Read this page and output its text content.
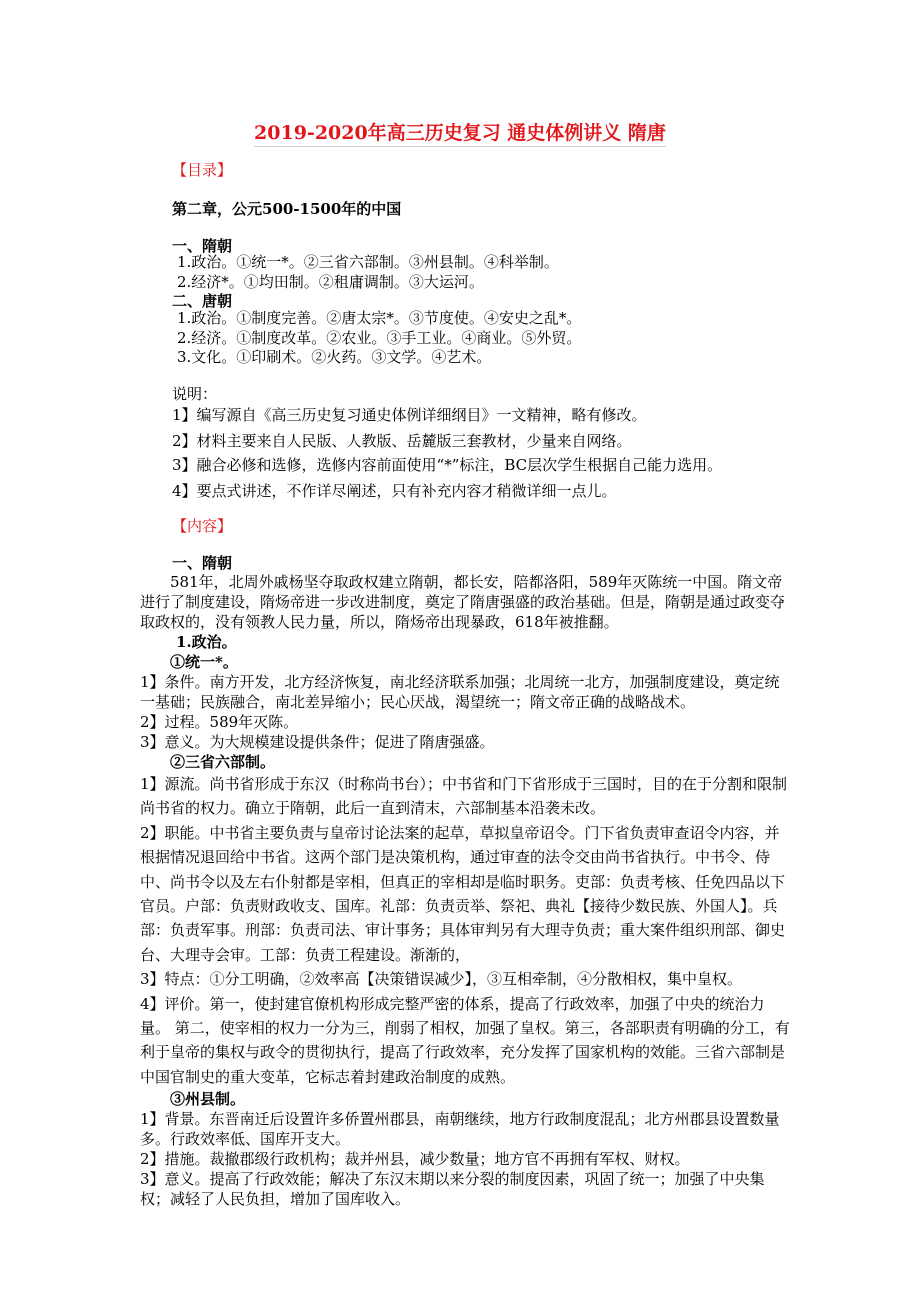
2019-2020年高三历史复习 通史体例讲义 隋唐
【目录】
第二章，公元500-1500年的中国
一、隋朝
1.政治。①统一*。②三省六部制。③州县制。④科举制。
2.经济*。①均田制。②租庸调制。③大运河。
二、唐朝
1.政治。①制度完善。②唐太宗*。③节度使。④安史之乱*。
2.经济。①制度改革。②农业。③手工业。④商业。⑤外贸。
3.文化。①印刷术。②火药。③文学。④艺术。
说明：
1】编写源自《高三历史复习通史体例详细纲目》一文精神，略有修改。
2】材料主要来自人民版、人教版、岳麓版三套教材，少量来自网络。
3】融合必修和选修，选修内容前面使用“*”标注，BC层次学生根据自己能力选用。
4】要点式讲述，不作详尽阐述，只有补充内容才稍微详细一点儿。
【内容】
一、隋朝

581年，北周外戚杨坚夺取政权建立隋朝，都长安，陪都洛阳，589年灭陈统一中国。隋文帝进行了制度建设，隋炀帝进一步改进制度，奠定了隋唐强盛的政治基础。但是，隋朝是通过政变夺取政权的，没有领教人民力量，所以，隋炀帝出现暴政，618年被推翻。

1.政治。

①统一*。

1】条件。南方开发，北方经济恢复，南北经济联系加强；北周统一北方，加强制度建设，奠定统一基础；民族融合，南北差异缩小；民心厌战，渴望统一；隋文帝正确的战略战术。

2】过程。589年灭陈。

3】意义。为大规模建设提供条件；促进了隋唐强盛。

②三省六部制。

1】源流。尚书省形成于东汉（时称尚书台）；中书省和门下省形成于三国时，目的在于分割和限制尚书省的权力。确立于隋朝，此后一直到清末，六部制基本沿袭未改。

2】职能。中书省主要负责与皇帝讨论法案的起草，草拟皇帝诏令。门下省负责审查诏令内容，并根据情况退回给中书省。这两个部门是决策机构，通过审查的法令交由尚书省执行。中书令、侍中、尚书令以及左右仆射都是宰相，但真正的宰相却是临时职务。吏部：负责考核、任免四品以下官员。户部：负责财政收支、国库。礼部：负责贡举、祭祀、典礼【接待少数民族、外国人】。兵部：负责军事。刑部：负责司法、审计事务；具体审判另有大理寺负责；重大案件组织刑部、御史台、大理寺会审。工部：负责工程建设。渐渐的，

3】特点：①分工明确，②效率高【决策错误减少】，③互相牵制，④分散相权，集中皇权。

4】评价。第一，使封建官僚机构形成完整严密的体系，提高了行政效率，加强了中央的统治力量。 第二，使宰相的权力一分为三，削弱了相权，加强了皇权。第三，各部职责有明确的分工，有利于皇帝的集权与政令的贯彻执行，提高了行政效率，充分发挥了国家机构的效能。三省六部制是中国官制史的重大变革，它标志着封建政治制度的成熟。

③州县制。

1】背景。东晋南迁后设置许多侨置州郡县，南朝继续，地方行政制度混乱；北方州郡县设置数量多。行政效率低、国库开支大。

2】措施。裁撤郡级行政机构；裁并州县，减少数量；地方官不再拥有军权、财权。

3】意义。提高了行政效能；解决了东汉末期以来分裂的制度因素，巩固了统一；加强了中央集权；减轻了人民负担，增加了国库收入。
